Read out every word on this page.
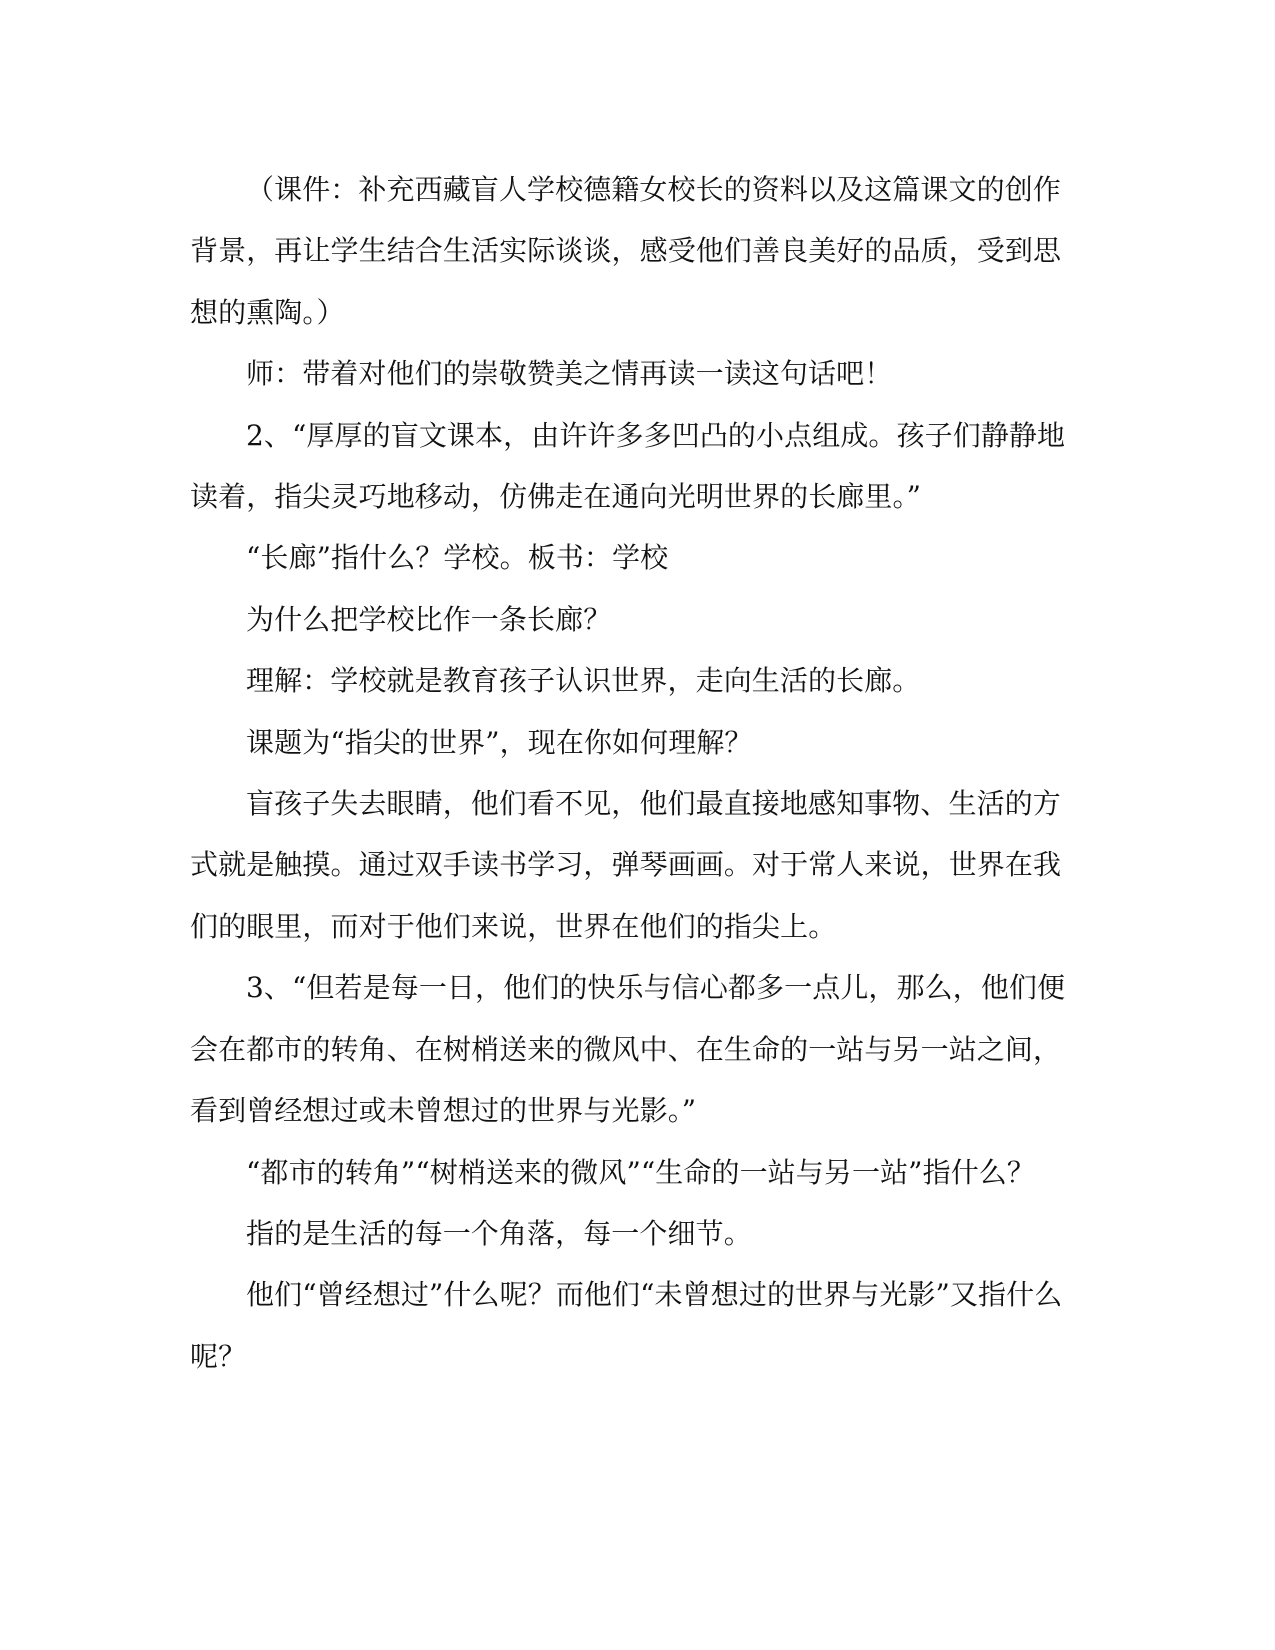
（课件：补充西藏盲人学校德籍女校长的资料以及这篇课文的创作背景，再让学生结合生活实际谈谈，感受他们善良美好的品质，受到思想的熏陶。）

师：带着对他们的崇敬赞美之情再读一读这句话吧！

2、“厚厚的盲文课本，由许许多多凹凸的小点组成。孩子们静静地读着，指尖灵巧地移动，仿佛走在通向光明世界的长廊里。”

“长廊”指什么？学校。板书：学校

为什么把学校比作一条长廊？

理解：学校就是教育孩子认识世界，走向生活的长廊。

课题为“指尖的世界”，现在你如何理解？

盲孩子失去眼睛，他们看不见，他们最直接地感知事物、生活的方式就是触摸。通过双手读书学习，弹琴画画。对于常人来说，世界在我们的眼里，而对于他们来说，世界在他们的指尖上。

3、“但若是每一日，他们的快乐与信心都多一点儿，那么，他们便会在都市的转角、在树梢送来的微风中、在生命的一站与另一站之间，看到曾经想过或未曾想过的世界与光影。”

“都市的转角”“树梢送来的微风”“生命的一站与另一站”指什么？

指的是生活的每一个角落，每一个细节。

他们“曾经想过”什么呢？而他们“未曾想过的世界与光影”又指什么呢？
